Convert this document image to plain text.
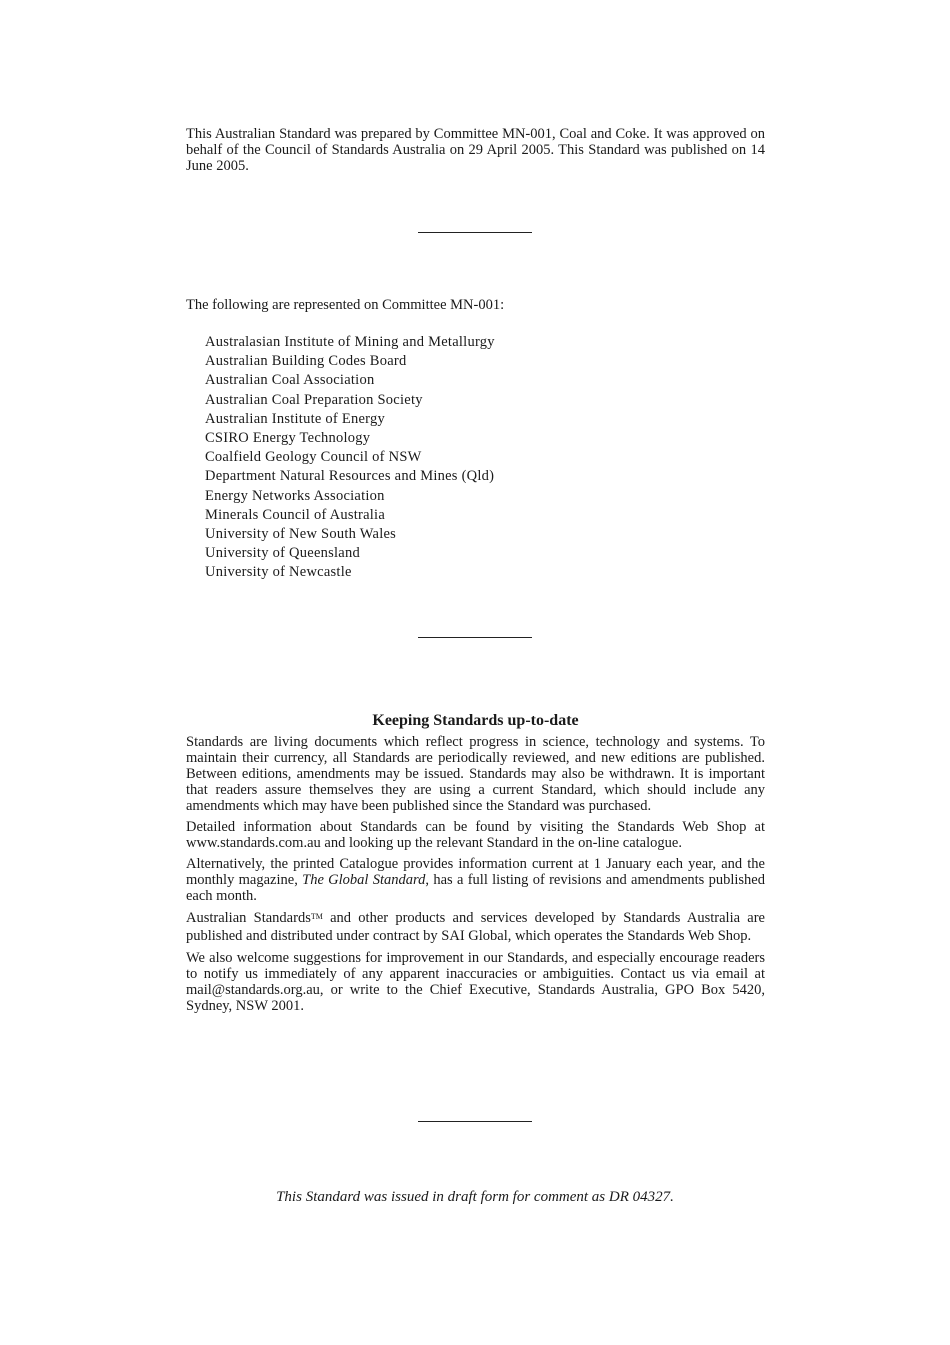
This Australian Standard was prepared by Committee MN-001, Coal and Coke. It was approved on behalf of the Council of Standards Australia on 29 April 2005. This Standard was published on 14 June 2005.
The following are represented on Committee MN-001:
Australasian Institute of Mining and Metallurgy
Australian Building Codes Board
Australian Coal Association
Australian Coal Preparation Society
Australian Institute of Energy
CSIRO Energy Technology
Coalfield Geology Council of NSW
Department Natural Resources and Mines (Qld)
Energy Networks Association
Minerals Council of Australia
University of New South Wales
University of Queensland
University of Newcastle
Keeping Standards up-to-date

Standards are living documents which reflect progress in science, technology and systems. To maintain their currency, all Standards are periodically reviewed, and new editions are published. Between editions, amendments may be issued. Standards may also be withdrawn. It is important that readers assure themselves they are using a current Standard, which should include any amendments which may have been published since the Standard was purchased.

Detailed information about Standards can be found by visiting the Standards Web Shop at www.standards.com.au and looking up the relevant Standard in the on-line catalogue.

Alternatively, the printed Catalogue provides information current at 1 January each year, and the monthly magazine, The Global Standard, has a full listing of revisions and amendments published each month.

Australian Standards™ and other products and services developed by Standards Australia are published and distributed under contract by SAI Global, which operates the Standards Web Shop.

We also welcome suggestions for improvement in our Standards, and especially encourage readers to notify us immediately of any apparent inaccuracies or ambiguities. Contact us via email at mail@standards.org.au, or write to the Chief Executive, Standards Australia, GPO Box 5420, Sydney, NSW 2001.

This Standard was issued in draft form for comment as DR 04327.
